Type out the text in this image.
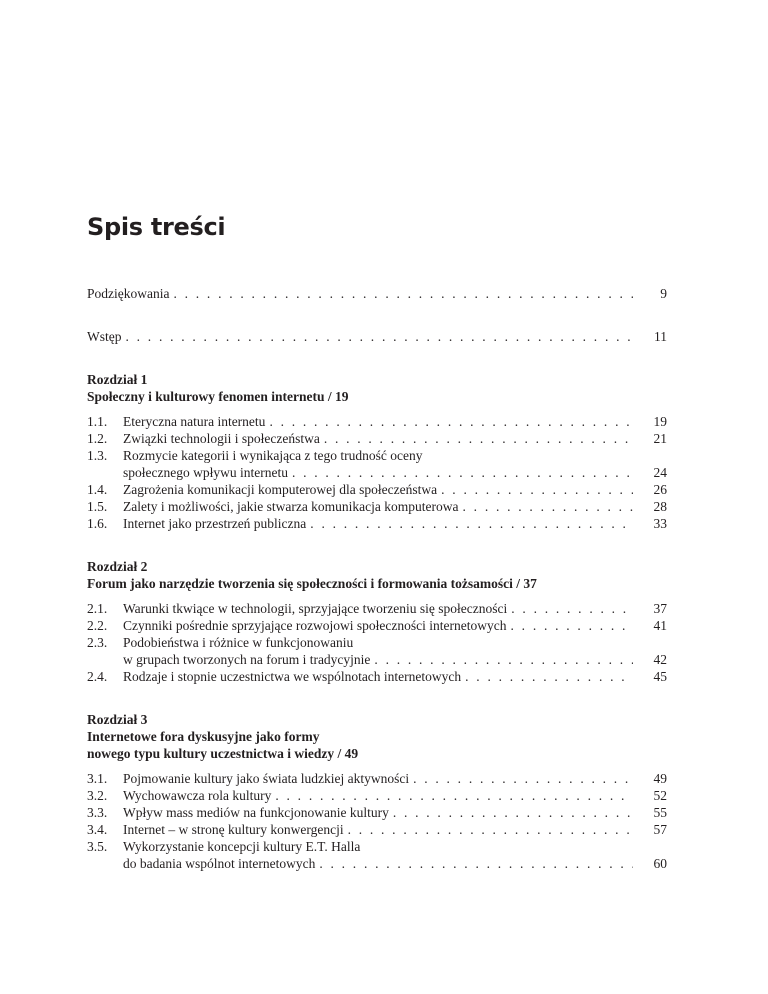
Spis treści
Podziękowania . . .	9
Wstęp . . .	11
Rozdział 1
Społeczny i kulturowy fenomen internetu / 19
1.1.	Eteryczna natura internetu . . .	19
1.2.	Związki technologii i społeczeństwa . . .	21
1.3.	Rozmycie kategorii i wynikająca z tego trudność oceny
społecznego wpływu internetu . . .	24
1.4.	Zagrożenia komunikacji komputerowej dla społeczeństwa . . .	26
1.5.	Zalety i możliwości, jakie stwarza komunikacja komputerowa . . .	28
1.6.	Internet jako przestrzeń publiczna . . .	33
Rozdział 2
Forum jako narzędzie tworzenia się społeczności i formowania tożsamości / 37
2.1.	Warunki tkwiące w technologii, sprzyjające tworzeniu się społeczności . . .	37
2.2.	Czynniki pośrednie sprzyjające rozwojowi społeczności internetowych . . .	41
2.3.	Podobieństwa i różnice w funkcjonowaniu
w grupach tworzonych na forum i tradycyjnie . . .	42
2.4.	Rodzaje i stopnie uczestnictwa we wspólnotach internetowych . . .	45
Rozdział 3
Internetowe fora dyskusyjne jako formy
nowego typu kultury uczestnictwa i wiedzy / 49
3.1.	Pojmowanie kultury jako świata ludzkiej aktywności . . .	49
3.2.	Wychowawcza rola kultury . . .	52
3.3.	Wpływ mass mediów na funkcjonowanie kultury . . .	55
3.4.	Internet – w stronę kultury konwergencji . . .	57
3.5.	Wykorzystanie koncepcji kultury E.T. Halla
do badania wspólnot internetowych . . .	60
